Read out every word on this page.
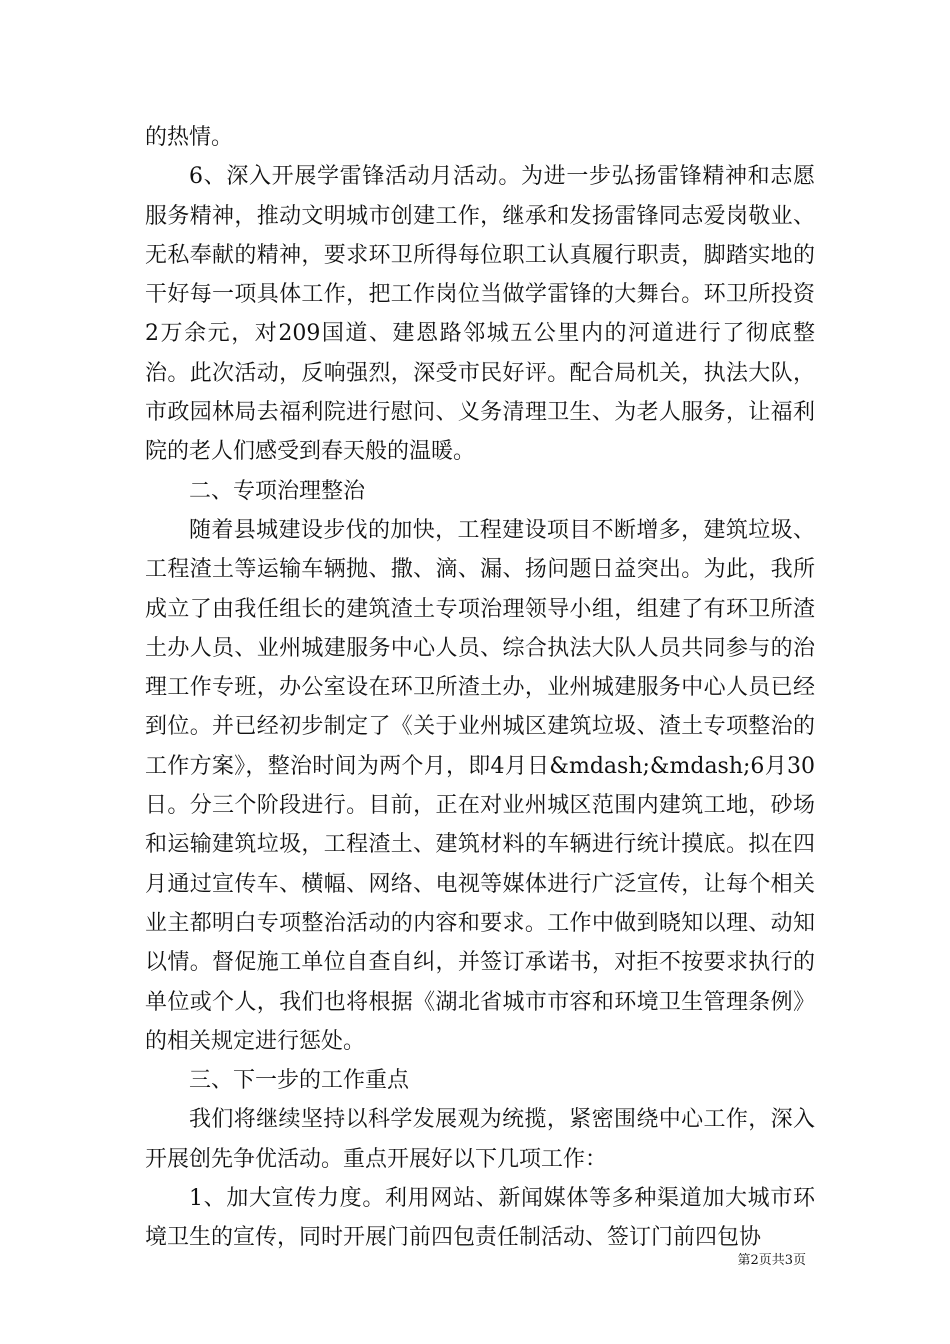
的热情。

6、深入开展学雷锋活动月活动。为进一步弘扬雷锋精神和志愿服务精神，推动文明城市创建工作，继承和发扬雷锋同志爱岗敬业、无私奉献的精神，要求环卫所得每位职工认真履行职责，脚踏实地的干好每一项具体工作，把工作岗位当做学雷锋的大舞台。环卫所投资2万余元，对209国道、建恩路邻城五公里内的河道进行了彻底整治。此次活动，反响强烈，深受市民好评。配合局机关，执法大队，市政园林局去福利院进行慰问、义务清理卫生、为老人服务，让福利院的老人们感受到春天般的温暖。

二、专项治理整治

随着县城建设步伐的加快，工程建设项目不断增多，建筑垃圾、工程渣土等运输车辆抛、撒、滴、漏、扬问题日益突出。为此，我所成立了由我任组长的建筑渣土专项治理领导小组，组建了有环卫所渣土办人员、业州城建服务中心人员、综合执法大队人员共同参与的治理工作专班，办公室设在环卫所渣土办，业州城建服务中心人员已经到位。并已经初步制定了《关于业州城区建筑垃圾、渣土专项整治的工作方案》，整治时间为两个月，即4月日&mdash;&mdash;6月30日。分三个阶段进行。目前，正在对业州城区范围内建筑工地，砂场和运输建筑垃圾，工程渣土、建筑材料的车辆进行统计摸底。拟在四月通过宣传车、横幅、网络、电视等媒体进行广泛宣传，让每个相关业主都明白专项整治活动的内容和要求。工作中做到晓知以理、动知以情。督促施工单位自查自纠，并签订承诺书，对拒不按要求执行的单位或个人，我们也将根据《湖北省城市市容和环境卫生管理条例》的相关规定进行惩处。

三、下一步的工作重点

我们将继续坚持以科学发展观为统揽，紧密围绕中心工作，深入开展创先争优活动。重点开展好以下几项工作：

1、加大宣传力度。利用网站、新闻媒体等多种渠道加大城市环境卫生的宣传，同时开展门前四包责任制活动、签订门前四包协

第2页共3页
